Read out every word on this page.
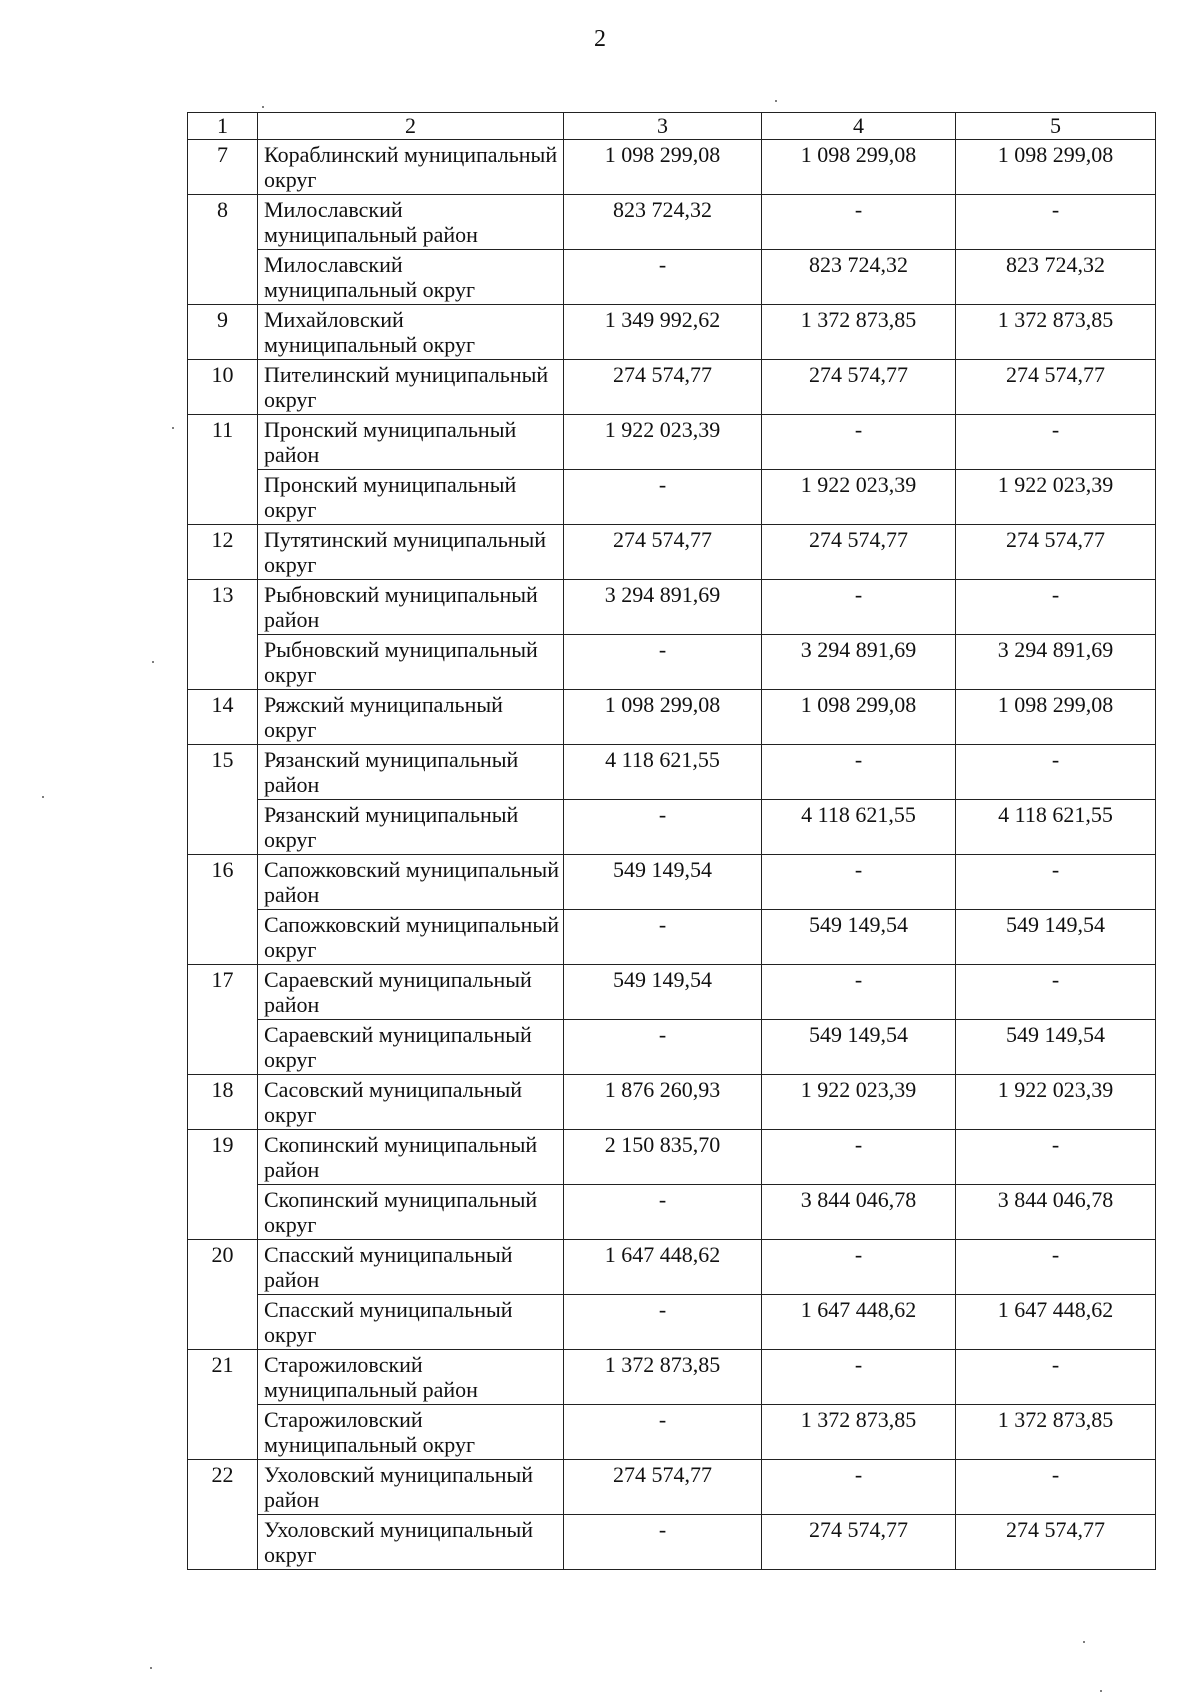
2
1	2	3	4	5
7	Кораблинский муниципальный округ	1 098 299,08	1 098 299,08	1 098 299,08
8	Милославский муниципальный район	823 724,32	-	-
	Милославский муниципальный округ	-	823 724,32	823 724,32
9	Михайловский муниципальный округ	1 349 992,62	1 372 873,85	1 372 873,85
10	Пителинский муниципальный округ	274 574,77	274 574,77	274 574,77
11	Пронский муниципальный район	1 922 023,39	-	-
	Пронский муниципальный округ	-	1 922 023,39	1 922 023,39
12	Путятинский муниципальный округ	274 574,77	274 574,77	274 574,77
13	Рыбновский муниципальный район	3 294 891,69	-	-
	Рыбновский муниципальный округ	-	3 294 891,69	3 294 891,69
14	Ряжский муниципальный округ	1 098 299,08	1 098 299,08	1 098 299,08
15	Рязанский муниципальный район	4 118 621,55	-	-
	Рязанский муниципальный округ	-	4 118 621,55	4 118 621,55
16	Сапожковский муниципальный район	549 149,54	-	-
	Сапожковский муниципальный округ	-	549 149,54	549 149,54
17	Сараевский муниципальный район	549 149,54	-	-
	Сараевский муниципальный округ	-	549 149,54	549 149,54
18	Сасовский муниципальный округ	1 876 260,93	1 922 023,39	1 922 023,39
19	Скопинский муниципальный район	2 150 835,70	-	-
	Скопинский муниципальный округ	-	3 844 046,78	3 844 046,78
20	Спасский муниципальный район	1 647 448,62	-	-
	Спасский муниципальный округ	-	1 647 448,62	1 647 448,62
21	Старожиловский муниципальный район	1 372 873,85	-	-
	Старожиловский муниципальный округ	-	1 372 873,85	1 372 873,85
22	Ухоловский муниципальный район	274 574,77	-	-
	Ухоловский муниципальный округ	-	274 574,77	274 574,77
